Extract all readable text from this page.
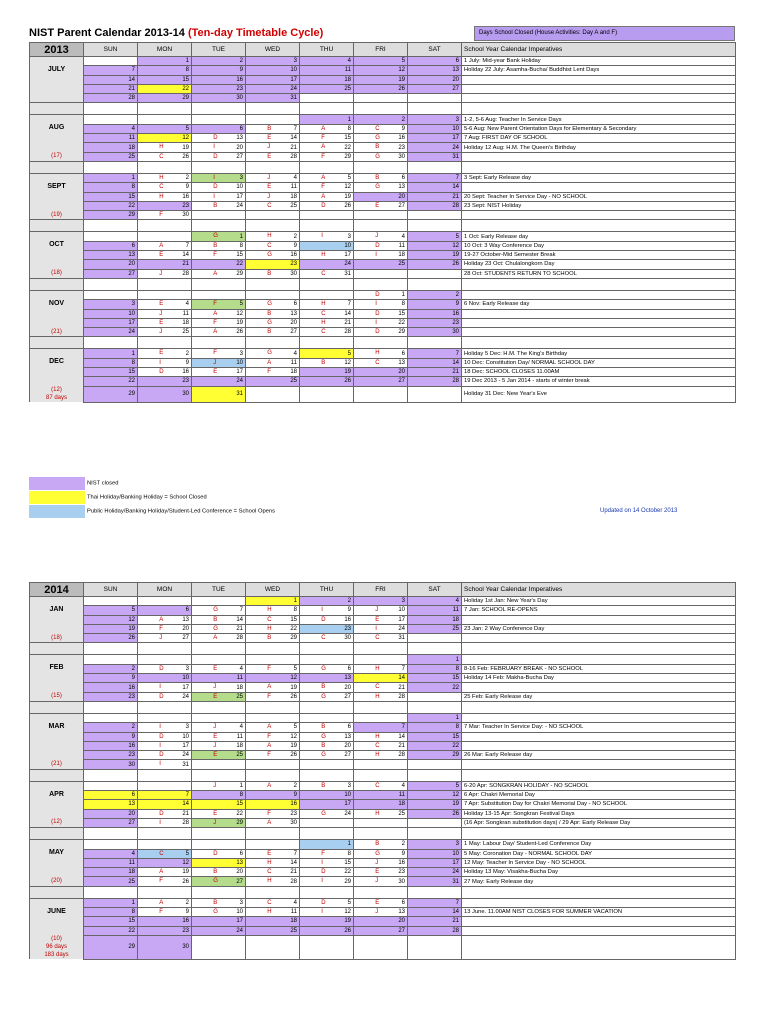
NIST Parent Calendar 2013-14 (Ten-day Timetable Cycle)	Days School Closed (House Activities: Day A and F)
2013	SUN	MON	TUE	WED	THU	FRI	SAT	School Year Calendar Imperatives
		1	2	3	4	5	6	1 July: Mid-year Bank Holiday
JULY	7	8	9	10	11	12	13	Holiday 22 July: Asamha-Bucha/ Buddhist Lent Days
	14	15	16	17	18	19	20	
	21	22	23	24	25	26	27	
	28	29	30	31				

					1	2	3	1-2, 5-6 Aug: Teacher In Service Days
AUG	4	5	6	B 7	A 8	C 9	10	5-6 Aug: New Parent Orientation Days for Elementary & Secondary
	11	12	D 13	E 14	F 15	G 16	17	7 Aug: FIRST DAY OF SCHOOL
	18	H 19	I 20	J 21	A 22	B 23	24	Holiday 12 Aug: H.M. The Queen's Birthday
(17)	25	C 26	D 27	E 28	F 29	G 30	31	

	1	H 2	I 3	J 4	A 5	B 6	7	3 Sept: Early Release day
SEPT	8	C 9	D 10	E 11	F 12	G 13	14	
	15	H 16	I 17	J 18	A 19	20	21	20 Sept: Teacher In Service Day - NO SCHOOL
	22	23	B 24	C 25	D 26	E 27	28	23 Sept: NIST Holiday
(19)	29	F 30						

			G 1	H 2	I 3	J 4	5	1 Oct: Early Release day
OCT	6	A 7	B 8	C 9	10	D 11	12	10 Oct: 3 Way Conference Day
	13	E 14	F 15	G 16	H 17	I 18	19	19-27 October-Mid Semester Break
	20	21	22	23	24	25	26	Holiday 23 Oct: Chulalongkorn Day
(18)	27	J 28	A 29	B 30	C 31			28 Oct: STUDENTS RETURN TO SCHOOL

						D 1	2	
NOV	3	E 4	F 5	G 6	H 7	I 8	9	6 Nov: Early Release day
	10	J 11	A 12	B 13	C 14	D 15	16	
	17	E 18	F 19	G 20	H 21	I 22	23	
(21)	24	J 25	A 26	B 27	C 28	D 29	30	

	1	E 2	F 3	G 4	5	H 6	7	Holiday 5 Dec: H.M. The King's Birthday
DEC	8	I 9	J 10	A 11	B 12	C 13	14	10 Dec: Constitution Day/ NORMAL SCHOOL DAY
	15	D 16	E 17	F 18	19	20	21	18 Dec: SCHOOL CLOSES 11.00AM
	22	23	24	25	26	27	28	19 Dec 2013 - 5 Jan 2014 - starts of winter break

(12)
87 days	29	30	31					Holiday 31 Dec: New Year's Eve
NIST closed
Thai Holiday/Banking Holiday = School Closed
Public Holiday/Banking Holiday/Student-Led Conference = School Opens	Updated on 14 October 2013
2014	SUN	MON	TUE	WED	THU	FRI	SAT	School Year Calendar Imperatives
				1	2	3	4	Holiday 1st Jan: New Year's Day
JAN	5	6	G 7	H 8	I 9	J 10	11	7 Jan: SCHOOL RE-OPENS
	12	A 13	B 14	C 15	D 16	E 17	18	
	19	F 20	G 21	H 22	23	I 24	25	23 Jan: 2 Way Conference Day
(18)	26	J 27	A 28	B 29	C 30	C 31		

							1	
FEB	2	D 3	E 4	F 5	G 6	H 7	8	8-16 Feb: FEBRUARY BREAK - NO SCHOOL
	9	10	11	12	13	14	15	Holiday 14 Feb: Makha-Bucha Day
	16	I 17	J 18	A 19	B 20	C 21	22	
(15)	23	D 24	E 25	F 26	G 27	H 28		25 Feb: Early Release day

							1	
MAR	2	I 3	J 4	A 5	B 6	7	8	7 Mar: Teacher In Service Day: - NO SCHOOL
	9	D 10	E 11	F 12	G 13	H 14	15	
	16	I 17	J 18	A 19	B 20	C 21	22	
	23	D 24	E 25	F 26	G 27	H 28	29	26 Mar: Early Release day
(21)	30	I 31						

			J 1	A 2	B 3	C 4	5	6-20 Apr: SONGKRAN HOLIDAY - NO SCHOOL
APR	6	7	8	9	10	11	12	6 Apr: Chakri Memorial Day
	13	14	15	16	17	18	19	7 Apr: Substitution Day for Chakri Memorial Day - NO SCHOOL
	20	D 21	E 22	F 23	G 24	H 25	26	Holiday 13-15 Apr: Songkran Festival Days
(12)	27	I 28	J 29	A 30				(16 Apr: Songkran substitution days) / 29 Apr: Early Release Day

					1	B 2	3	1 May: Labour Day/ Student-Led Conference Day
MAY	4	C 5	D 6	E 7	F 8	G 9	10	5 May: Coronation Day - NORMAL SCHOOL DAY
	11	12	13	H 14	I 15	J 16	17	12 May: Teacher In Service Day - NO SCHOOL
	18	A 19	B 20	C 21	D 22	E 23	24	Holiday 13 May: Visakha-Bucha Day
(20)	25	F 26	G 27	H 28	I 29	J 30	31	27 May: Early Release day

	1	A 2	B 3	C 4	D 5	E 6	7	
JUNE	8	F 9	G 10	H 11	I 12	J 13	14	13 June. 11.00AM NIST CLOSES FOR SUMMER VACATION
	15	16	17	18	19	20	21	
	22	23	24	25	26	27	28	

(10)
96 days
183 days	29	30						
